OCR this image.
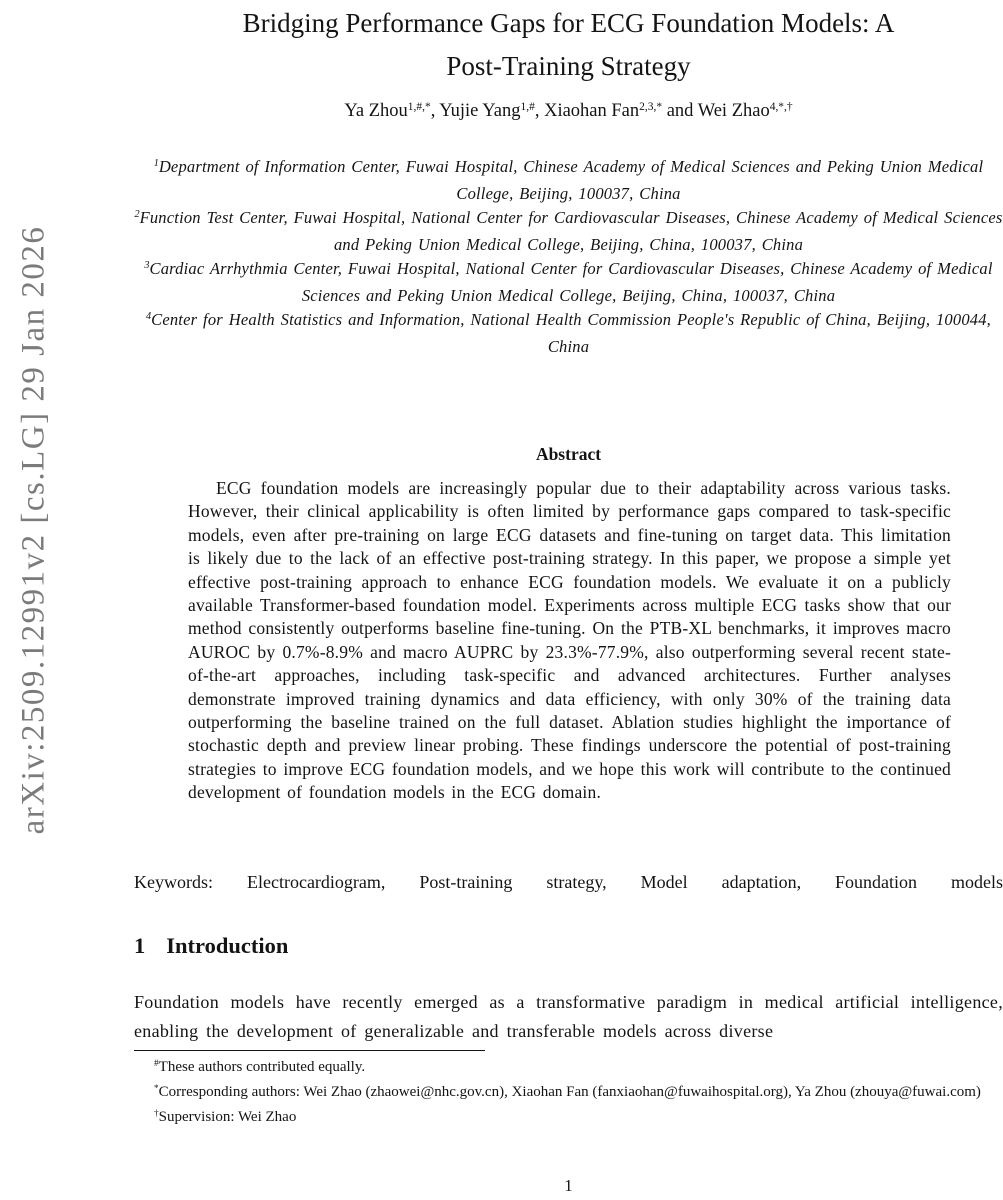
arXiv:2509.12991v2 [cs.LG] 29 Jan 2026
Bridging Performance Gaps for ECG Foundation Models: A
Post-Training Strategy
Ya Zhou$^{1,\#,*}$, Yujie Yang$^{1,\#}$, Xiaohan Fan$^{2,3,*}$ and Wei Zhao$^{4,*,\dagger}$
$^1$Department of Information Center, Fuwai Hospital, Chinese Academy of Medical Sciences and Peking Union Medical College, Beijing, 100037, China
$^2$Function Test Center, Fuwai Hospital, National Center for Cardiovascular Diseases, Chinese Academy of Medical Sciences and Peking Union Medical College, Beijing, China, 100037, China
$^3$Cardiac Arrhythmia Center, Fuwai Hospital, National Center for Cardiovascular Diseases, Chinese Academy of Medical Sciences and Peking Union Medical College, Beijing, China, 100037, China
$^4$Center for Health Statistics and Information, National Health Commission People's Republic of China, Beijing, 100044, China
Abstract
ECG foundation models are increasingly popular due to their adaptability across various tasks. However, their clinical applicability is often limited by performance gaps compared to task-specific models, even after pre-training on large ECG datasets and fine-tuning on target data. This limitation is likely due to the lack of an effective post-training strategy. In this paper, we propose a simple yet effective post-training approach to enhance ECG foundation models. We evaluate it on a publicly available Transformer-based foundation model. Experiments across multiple ECG tasks show that our method consistently outperforms baseline fine-tuning. On the PTB-XL benchmarks, it improves macro AUROC by 0.7%-8.9% and macro AUPRC by 23.3%-77.9%, also outperforming several recent state-of-the-art approaches, including task-specific and advanced architectures. Further analyses demonstrate improved training dynamics and data efficiency, with only 30% of the training data outperforming the baseline trained on the full dataset. Ablation studies highlight the importance of stochastic depth and preview linear probing. These findings underscore the potential of post-training strategies to improve ECG foundation models, and we hope this work will contribute to the continued development of foundation models in the ECG domain.
Keywords: Electrocardiogram, Post-training strategy, Model adaptation, Foundation models
1 Introduction
Foundation models have recently emerged as a transformative paradigm in medical artificial intelligence, enabling the development of generalizable and transferable models across diverse

#These authors contributed equally.

*Corresponding authors: Wei Zhao (zhaowei@nhc.gov.cn), Xiaohan Fan (fanxiaohan@fuwaihospital.org), Ya Zhou (zhouya@fuwai.com)

†Supervision: Wei Zhao

1
